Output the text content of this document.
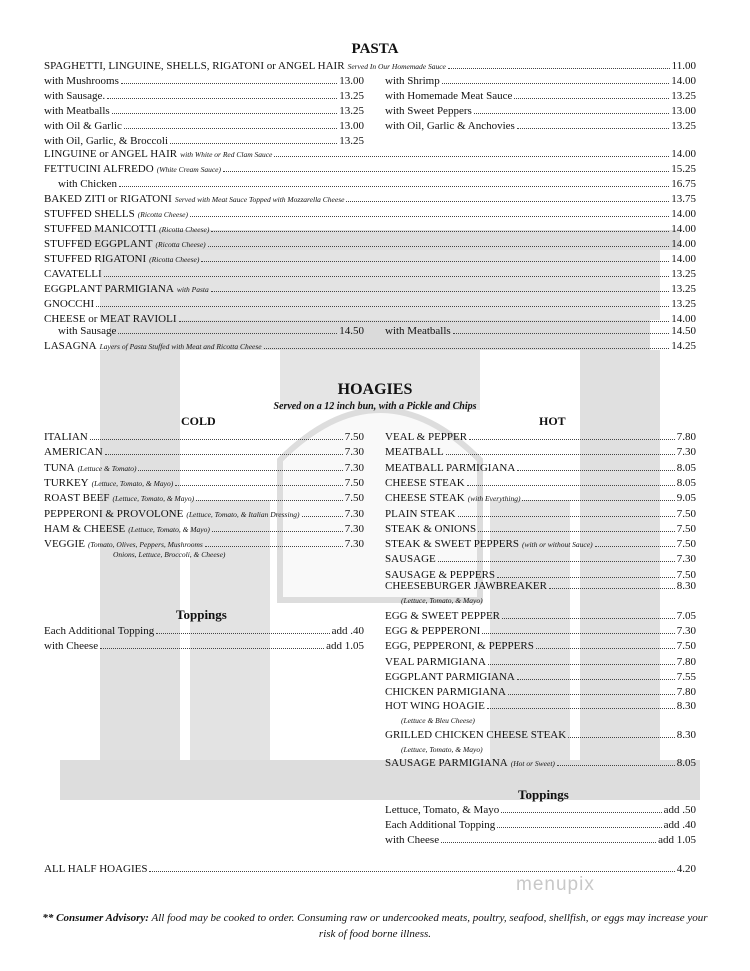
PASTA
SPAGHETTI, LINGUINE, SHELLS, RIGATONI or ANGEL HAIR Served In Our Homemade Sauce	11.00
with Mushrooms	13.00
with Sausage.	13.25
with Meatballs	13.25
with Oil & Garlic	13.00
with Oil, Garlic, & Broccoli	13.25
with Shrimp	14.00
with Homemade Meat Sauce	13.25
with Sweet Peppers	13.00
with Oil, Garlic & Anchovies	13.25
LINGUINE or ANGEL HAIR with White or Red Clam Sauce	14.00
FETTUCINI ALFREDO (White Cream Sauce)	15.25
with Chicken	16.75
BAKED ZITI or RIGATONI Served with Meat Sauce Topped with Mozzarella Cheese	13.75
STUFFED SHELLS (Ricotta Cheese)	14.00
STUFFED MANICOTTI (Ricotta Cheese)	14.00
STUFFED EGGPLANT (Ricotta Cheese)	14.00
STUFFED RIGATONI (Ricotta Cheese)	14.00
CAVATELLI	13.25
EGGPLANT PARMIGIANA with Pasta	13.25
GNOCCHI	13.25
CHEESE or MEAT RAVIOLI	14.00
with Sausage	14.50 with Meatballs	14.50
LASAGNA Layers of Pasta Stuffed with Meat and Ricotta Cheese	14.25
HOAGIES
Served on a 12 inch bun, with a Pickle and Chips
COLD	HOT
ITALIAN	7.50
AMERICAN	7.30
TUNA (Lettuce & Tomato)	7.30
TURKEY (Lettuce, Tomato, & Mayo)	7.50
ROAST BEEF (Lettuce, Tomato, & Mayo)	7.50
PEPPERONI & PROVOLONE (Lettuce, Tomato, & Italian Dressing)	7.30
HAM & CHEESE (Lettuce, Tomato, & Mayo)	7.30
VEGGIE (Tomato, Olives, Peppers, Mushrooms	7.30
Onions, Lettuce, Broccoli, & Cheese)
VEAL & PEPPER	7.80
MEATBALL	7.30
MEATBALL PARMIGIANA	8.05
CHEESE STEAK	8.05
CHEESE STEAK (with Everything)	9.05
PLAIN STEAK	7.50
STEAK & ONIONS	7.50
STEAK & SWEET PEPPERS (with or without Sauce)	7.50
SAUSAGE	7.30
SAUSAGE & PEPPERS	7.50
CHEESEBURGER JAWBREAKER	8.30
(Lettuce, Tomato, & Mayo)
EGG & SWEET PEPPER	7.05
EGG & PEPPERONI	7.30
EGG, PEPPERONI, & PEPPERS	7.50
VEAL PARMIGIANA	7.80
EGGPLANT PARMIGIANA	7.55
CHICKEN PARMIGIANA	7.80
HOT WING HOAGIE	8.30
(Lettuce & Bleu Cheese)
GRILLED CHICKEN CHEESE STEAK	8.30
(Lettuce, Tomato, & Mayo)
SAUSAGE PARMIGIANA (Hot or Sweet)	8.05
Toppings
Each Additional Topping	add .40
with Cheese	add 1.05
Toppings
Lettuce, Tomato, & Mayo	add .50
Each Additional Topping	add .40
with Cheese	add 1.05
ALL HALF HOAGIES	4.20
menupix
** Consumer Advisory: All food may be cooked to order. Consuming raw or undercooked meats, poultry, seafood, shellfish, or eggs may increase your risk of food borne illness.
